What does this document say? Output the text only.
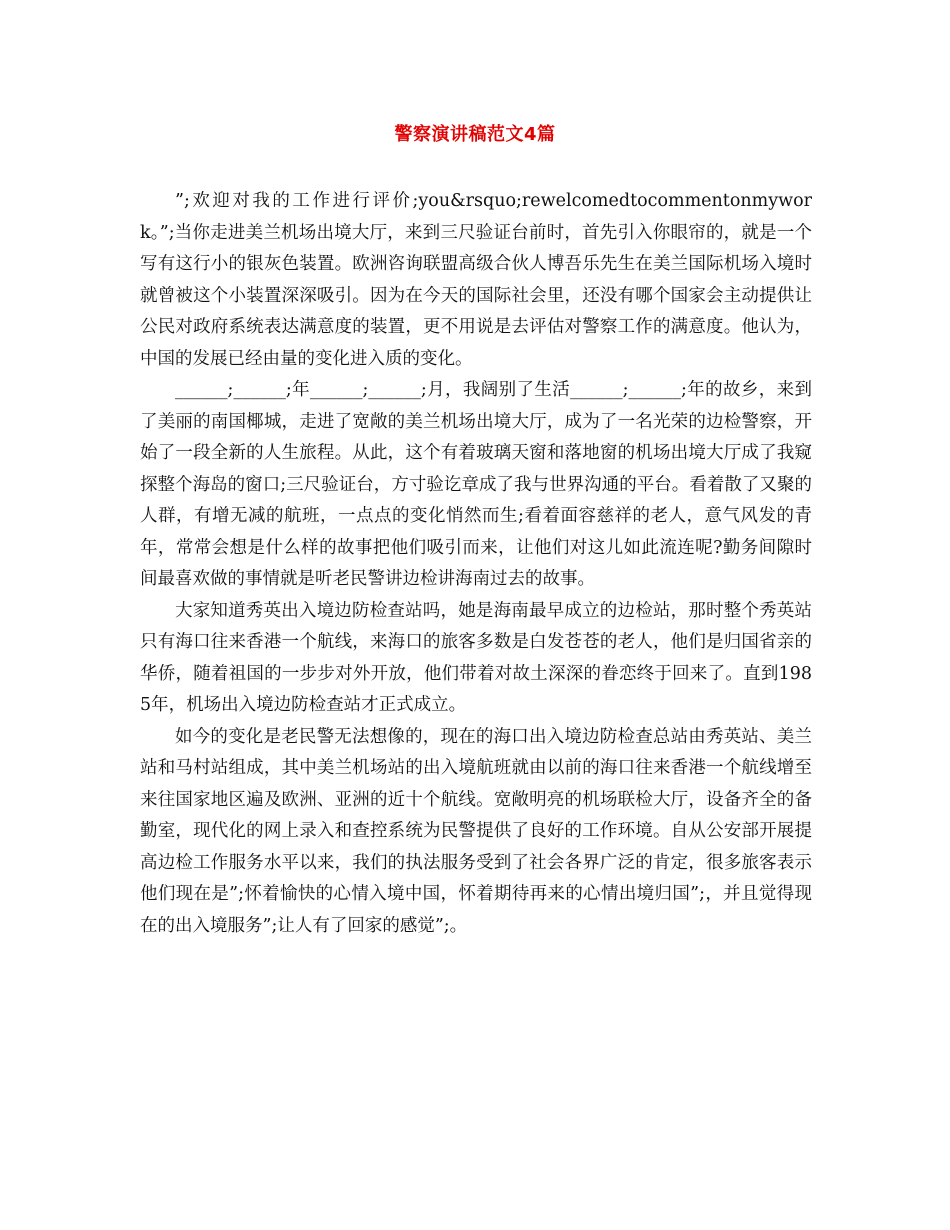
警察演讲稿范文4篇

”;欢迎对我的工作进行评价;you&rsquo;rewelcomedtocommentonmywork。”;当你走进美兰机场出境大厅，来到三尺验证台前时，首先引入你眼帘的，就是一个写有这行小的银灰色装置。欧洲咨询联盟高级合伙人博吾乐先生在美兰国际机场入境时就曾被这个小装置深深吸引。因为在今天的国际社会里，还没有哪个国家会主动提供让公民对政府系统表达满意度的装置，更不用说是去评估对警察工作的满意度。他认为，中国的发展已经由量的变化进入质的变化。

______;______;年______;______;月，我阔别了生活______;______;年的故乡，来到了美丽的南国椰城，走进了宽敞的美兰机场出境大厅，成为了一名光荣的边检警察，开始了一段全新的人生旅程。从此，这个有着玻璃天窗和落地窗的机场出境大厅成了我窥探整个海岛的窗口;三尺验证台，方寸验讫章成了我与世界沟通的平台。看着散了又聚的人群，有增无减的航班，一点点的变化悄然而生;看着面容慈祥的老人，意气风发的青年，常常会想是什么样的故事把他们吸引而来，让他们对这儿如此流连呢?勤务间隙时间最喜欢做的事情就是听老民警讲边检讲海南过去的故事。

大家知道秀英出入境边防检查站吗，她是海南最早成立的边检站，那时整个秀英站只有海口往来香港一个航线，来海口的旅客多数是白发苍苍的老人，他们是归国省亲的华侨，随着祖国的一步步对外开放，他们带着对故土深深的眷恋终于回来了。直到1985年，机场出入境边防检查站才正式成立。

如今的变化是老民警无法想像的，现在的海口出入境边防检查总站由秀英站、美兰站和马村站组成，其中美兰机场站的出入境航班就由以前的海口往来香港一个航线增至来往国家地区遍及欧洲、亚洲的近十个航线。宽敞明亮的机场联检大厅，设备齐全的备勤室，现代化的网上录入和查控系统为民警提供了良好的工作环境。自从公安部开展提高边检工作服务水平以来，我们的执法服务受到了社会各界广泛的肯定，很多旅客表示他们现在是”;怀着愉快的心情入境中国，怀着期待再来的心情出境归国”;，并且觉得现在的出入境服务”;让人有了回家的感觉”;。
